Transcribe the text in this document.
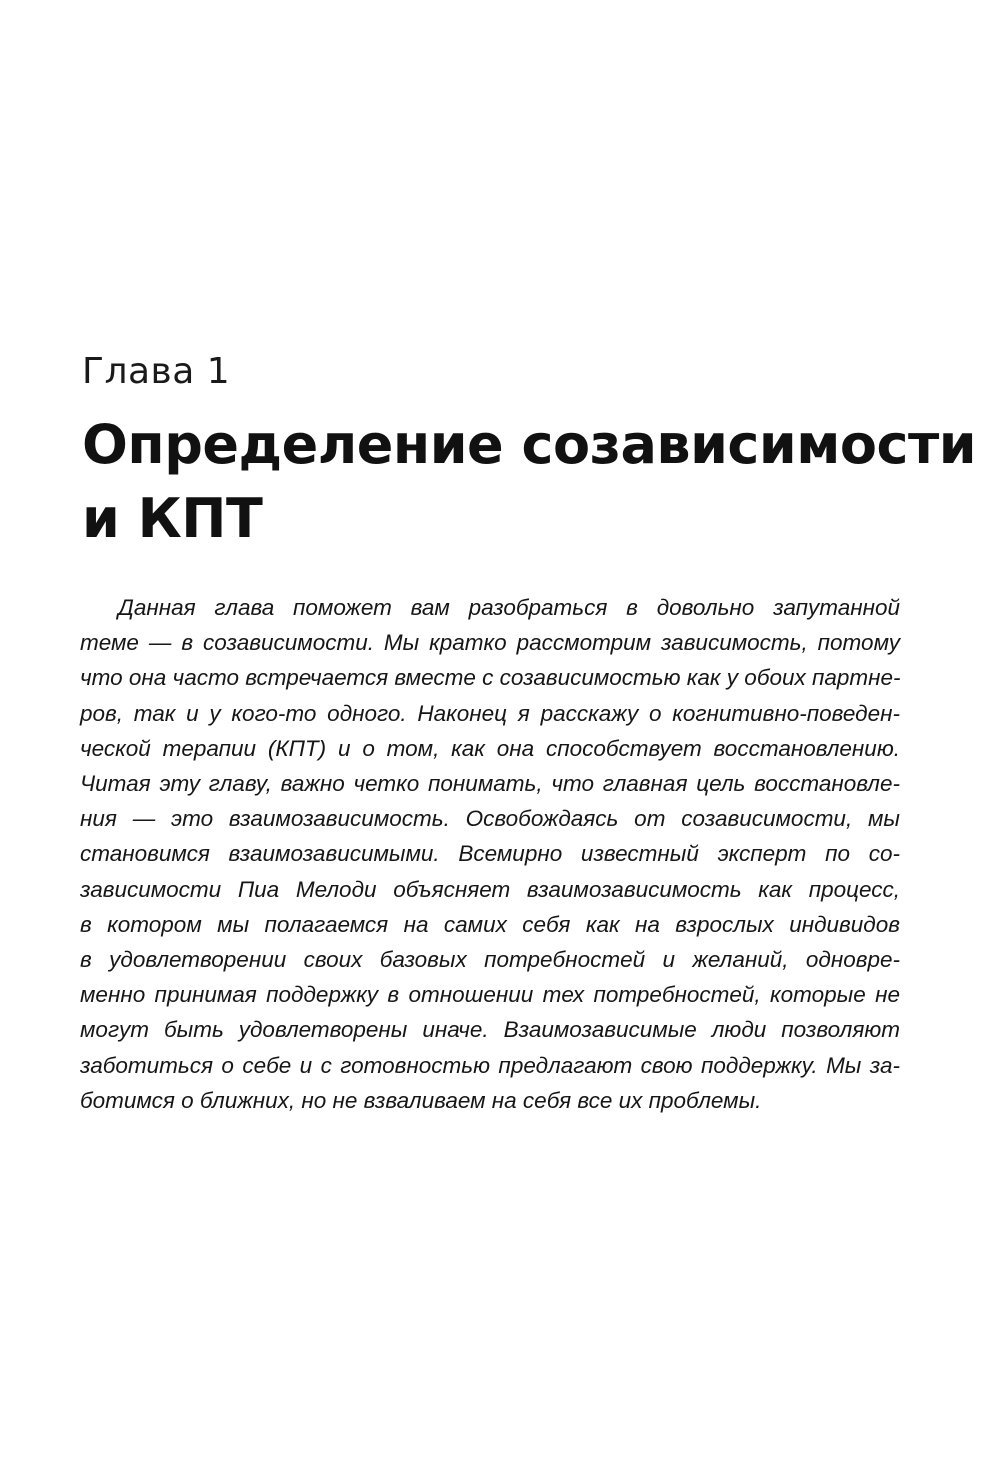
Глава 1
Определение созависимости
и КПТ

Данная глава поможет вам разобраться в довольно запутанной
теме — в созависимости. Мы кратко рассмотрим зависимость, потому
что она часто встречается вместе с созависимостью как у обоих партне-
ров, так и у кого-то одного. Наконец я расскажу о когнитивно-поведен-
ческой терапии (КПТ) и о том, как она способствует восстановлению.
Читая эту главу, важно четко понимать, что главная цель восстановле-
ния — это взаимозависимость. Освобождаясь от созависимости, мы
становимся взаимозависимыми. Всемирно известный эксперт по со-
зависимости Пиа Мелоди объясняет взаимозависимость как процесс,
в котором мы полагаемся на самих себя как на взрослых индивидов
в удовлетворении своих базовых потребностей и желаний, одновре-
менно принимая поддержку в отношении тех потребностей, которые не
могут быть удовлетворены иначе. Взаимозависимые люди позволяют
заботиться о себе и с готовностью предлагают свою поддержку. Мы за-
ботимся о ближних, но не взваливаем на себя все их проблемы.
